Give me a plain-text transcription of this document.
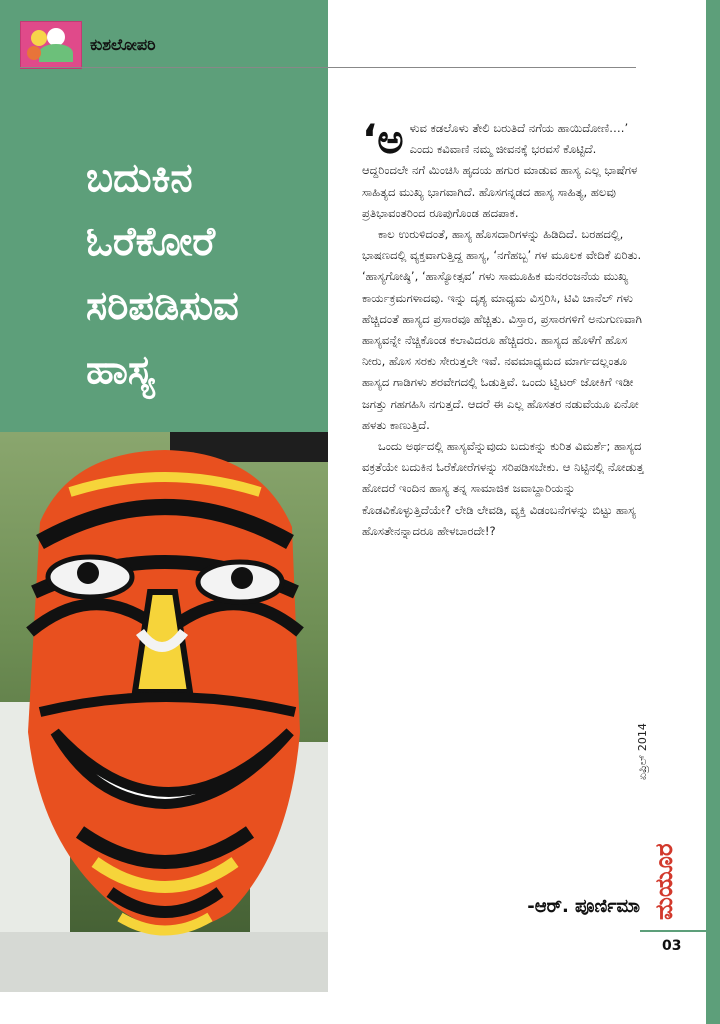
ಕುಶಲೋಪರಿ
ಬದುಕಿನ
ಓರೆಕೋರೆ
ಸರಿಪಡಿಸುವ
ಹಾಸ್ಯ

‘ಅಳುವ ಕಡಲೊಳು ತೇಲಿ ಬರುತಿದೆ ನಗೆಯ ಹಾಯಿದೋಣಿ….’ ಎಂದು ಕವಿವಾಣಿ ನಮ್ಮ ಜೀವನಕ್ಕೆ ಭರವಸೆ ಕೊಟ್ಟಿದೆ. ಆದ್ದರಿಂದಲೇ ನಗೆ ಮಿಂಚಿಸಿ ಹೃದಯ ಹಗುರ ಮಾಡುವ ಹಾಸ್ಯ ಎಲ್ಲ ಭಾಷೆಗಳ ಸಾಹಿತ್ಯದ ಮುಖ್ಯ ಭಾಗವಾಗಿದೆ. ಹೊಸಗನ್ನಡದ ಹಾಸ್ಯ ಸಾಹಿತ್ಯ, ಹಲವು ಪ್ರತಿಭಾವಂತರಿಂದ ರೂಪುಗೊಂಡ ಹದಪಾಕ.

ಕಾಲ ಉರುಳಿದಂತೆ, ಹಾಸ್ಯ ಹೊಸದಾರಿಗಳನ್ನು ಹಿಡಿದಿದೆ. ಬರಹದಲ್ಲಿ, ಭಾಷಣದಲ್ಲಿ ವ್ಯಕ್ತವಾಗುತ್ತಿದ್ದ ಹಾಸ್ಯ, ‘ನಗೆಹಬ್ಬ’ ಗಳ ಮೂಲಕ ವೇದಿಕೆ ಏರಿತು. ‘ಹಾಸ್ಯಗೋಷ್ಠಿ’, ‘ಹಾಸ್ಯೋತ್ಸವ’ ಗಳು ಸಾಮೂಹಿಕ ಮನರಂಜನೆಯ ಮುಖ್ಯ ಕಾರ್ಯಕ್ರಮಗಳಾದವು. ಇನ್ನು ದೃಶ್ಯ ಮಾಧ್ಯಮ ವಿಸ್ತರಿಸಿ, ಟಿವಿ ಚಾನೆಲ್ ಗಳು ಹೆಚ್ಚಿದಂತೆ ಹಾಸ್ಯದ ಪ್ರಸಾರವೂ ಹೆಚ್ಚಿತು. ವಿಸ್ತಾರ, ಪ್ರಸಾರಗಳಿಗೆ ಅನುಗುಣವಾಗಿ ಹಾಸ್ಯವನ್ನೇ ನೆಚ್ಚಿಕೊಂಡ ಕಲಾವಿದರೂ ಹೆಚ್ಚಿದರು. ಹಾಸ್ಯದ ಹೊಳೆಗೆ ಹೊಸ ನೀರು, ಹೊಸ ಸರಕು ಸೇರುತ್ತಲೇ ಇವೆ. ನವಮಾಧ್ಯಮದ ಮಾರ್ಗದಲ್ಲಂತೂ ಹಾಸ್ಯದ ಗಾಡಿಗಳು ಶರವೇಗದಲ್ಲಿ ಓಡುತ್ತಿವೆ. ಒಂದು ಟ್ವಿಟರ್ ಜೋಕಿಗೆ ಇಡೀ ಜಗತ್ತು ಗಹಗಹಿಸಿ ನಗುತ್ತದೆ. ಆದರೆ ಈ ಎಲ್ಲ ಹೊಸತರ ನಡುವೆಯೂ ಏನೋ ಹಳತು ಕಾಣುತ್ತಿದೆ.

ಒಂದು ಅರ್ಥದಲ್ಲಿ ಹಾಸ್ಯವೆನ್ನುವುದು ಬದುಕನ್ನು ಕುರಿತ ವಿಮರ್ಶೆ; ಹಾಸ್ಯದ ವಕ್ರತೆಯೇ ಬದುಕಿನ ಓರೆಕೋರೆಗಳನ್ನು ಸರಿಪಡಿಸಬೇಕು. ಆ ನಿಟ್ಟಿನಲ್ಲಿ ನೋಡುತ್ತ ಹೋದರೆ ಇಂದಿನ ಹಾಸ್ಯ ತನ್ನ ಸಾಮಾಜಿಕ ಜವಾಬ್ದಾರಿಯನ್ನು ಕೊಡವಿಕೊಳ್ಳುತ್ತಿದೆಯೇ? ಲೇಡಿ ಲೇವಡಿ, ವ್ಯಕ್ತಿ ವಿಡಂಬನೆಗಳನ್ನು ಬಿಟ್ಟು ಹಾಸ್ಯ ಹೊಸತೇನನ್ನಾದರೂ ಹೇಳಬಾರದೇ!?

-ಆರ್. ಪೂರ್ಣಿಮಾ
ಏಪ್ರಿಲ್ 2014
ಮಯೂರ
03
